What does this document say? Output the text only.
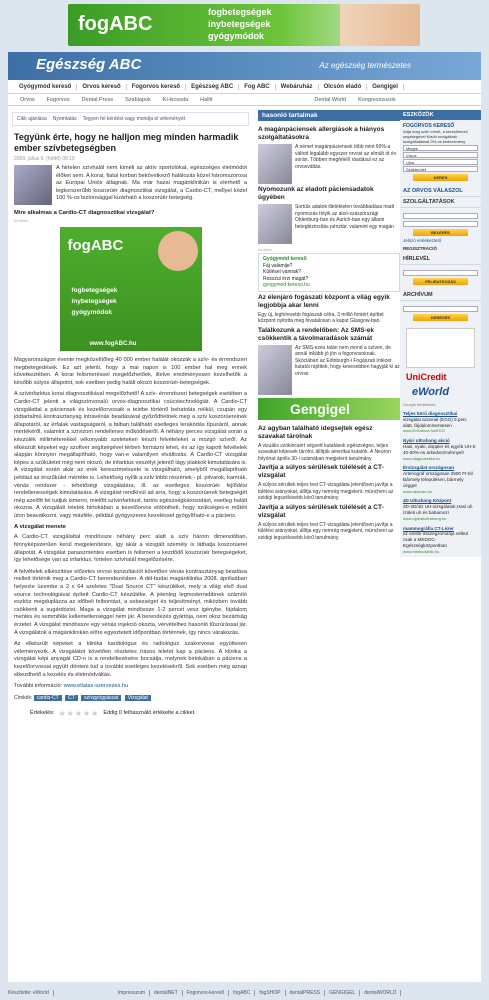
fogABC
fogbetegségek
ínybetegségek
gyógymódok
Egészség ABC	Az egészség természetes
Gyógymód kereső	Orvos kereső	Fogorvos kereső	Egészség ABC	Fog ABC	Webáruház	Olcsón eladó	Gengigel
Orvos	Fogorvos	Dental Press	Szablapok	Ki-kicsoda	Hallit	Dental World	Kongresszusok
Cikk ajánlása Nyomtatás Tegyen fel kérdést vagy mondja el véleményét
Tegyünk érte, hogy ne halljon meg minden harmadik ember szívbetegségben
2009. július 6. (hétfő) 09:19
A hirtelen szívhalál nem kíméli az aktív sportolókat, egészséges életmódot élőket sem. A korai, fiatal korban bekövetkező halálozás közel háromszorosa az Európai Uniós átlagnak. Ma már hazai magánklinikán is elérhető a legkorszerűbb koszorúér diagnosztikai vizsgálat, a Cardio-CT, mellyel közel 100 %-os biztonsággal kizárható a koszorúér betegség.
Mire alkalmas a Cardio-CT diagnosztikai vizsgálat?
hirdetés
fogABC
fogbetegségek
ínybetegségek
gyógymódok
www.fogABC.hu
Magyarországon évente megközelítőleg 40 000 ember halálát okozzák a szív- és érrendszeri megbetegedések. Ez azt jelenti, hogy a mai napon is 100 ember hal meg ennek következtében. A korai felismeréssel megelőzhetőek, illetve eredményesen kezelhetők a később súlyos állapotot, sok esetben pedig halált okozó koszorúér-betegségek.
A szívinfarktus korai diagnosztikával megelőzhető! A szív- érrendszeri betegségek esetében a Cardio-CT jelenti a világszínvonalú orvos-diagnosztikai csúcstechnológiát. A Cardio-CT vizsgálattal a páciensek és kezelőorvosaik a testbe történő behatolás nélkül, csupán egy jódtartalmú kontrasztanyag intravénás beadásával győződhetnek meg a szív koszorúereinek állapotáról, az érfalak vastagságáról, a falban található esetleges lerakódás típusáról, annak mértékéről, valamint a szívizom rendellenes működéséről. A néhány perces vizsgálat során a készülék milliméterekkel vékonyabb szeleteken készít felvételeket a mozgó szívről. Az elkészült képeket egy szoftver segítségével térben formázni lehet, és az így kapott felvételek alapján könnyen megállapítható, hogy van-e valamilyen elváltozás. A Cardio-CT vizsgálat képes a szűkületet még nem okozó, de infarktus veszélyt jelentő lágy plakkok kimutatására is. A vizsgálat során akár az erek keresztmetszete is vizsgálható, amelyből megállapítható például az érszűkület mértéke is. Lehetőség nyílik a szív többi részének - pl. pitvarok, kamrák, vénás rendszer - tehetőségi vizsgálatára, ill. az esetleges koszorúér fejlődési rendellenességek kimutatására. A vizsgálat rendkívül ad arra, hogy a koszorúerek betegségét még azelőtt fel tudjuk ismerni, mielőtt szívinfarktust, tartós egészségkárosodást, esetleg halált okozna. A vizsgálati leletek birtokában a kezelőorvos eldöntheti, hogy szükséges-e műtéti úton beavatkozni, vagy másféle, például gyógyszeres kezeléssel gyógyítható-e a páciens.
A vizsgálat menete
A Cardio-CT vizsgálattal mindössze néhány perc alatt a szív három dimenzióban, fénnyképszerűen kerül megjelenítésre, így akár a vizsgált személy is láthatja koszorúerei állapotát. A vizsgálat panaszmentes esetben is felismeri a kezdődő koszorúér betegségeket, így lehetősége van az infarktus, hirtelen szívhalál megelőzésére.
A felvételek elkészítése előzetes orvosi konzultációt követően vénás kontrasztanyag beadása mellett történik meg a Cardio-CT berendezésben. A dél-budai magánklinika 2008. áprilisában helyezte üzembe a 2 x 64 szeletes "Dual Source CT" készüléket, mely a világ első dual source technológiával épített Cardio-CT készüléke. A jelenleg legmodernebbnek számító eszköz megduplázza az időbeli felbontást, a sebességet és teljesítményt, miközben tovább csökkenti a sugárdózist. Maga a vizsgálat mindössze 1-2 percet vesz igénybe, fájdalom mentes és semmiféle kellemetlenséggel nem jár. A berendezés gyártója, nem okoz bezártság érzetet. A vizsgálat mindössze egy vénás injekció okozta, vérvételhez hasonló tűszúrással jár. A vizsgálatok a magánklinikán előre egyeztetett időpontban történnek, így nincs várakozás.
Az elkészült képeket a klinika kardiológus és radiológus szakorvosai együttesen véleményezik. A vizsgálatot követően részletes írásos leletet kap a páciens. A klinika a vizsgálat képi anyagát CD-n is a rendelkezésére bocsátja, melynek birtokában a páciens a kezelőorvossal együtt dönteni tud a további esetleges kezelésekről. Sok esetben még aznap elkezdhető a kezelés és életmódváltás.
További információ: www.ellatas-szervezes.hu
Címkék: cardio-CT CT szívgyógyászat Vizsgálat
Értékelés: ★★★★★ Eddig 0 felhasználó értékelte a cikket.
hasonló tartalmak
A magánpáciensek allergiások a hiányos szolgáltatásokra
A német magánpáciensek több mint 60%-a váltott legalább egyszer orvost az elmúlt öt év során. Többen megfelelő ráadásul ez az orvosváltás.
Nyomozunk az eladott páciensadatok ügyében
Sortúls adatok illetéktelen továbbadása miatt nyomozás folyik az alsó-szászországi Oldenburg-ban és Aurich-ban egy állami betegbiztosítás pénztár, valamint egy magán
hirdetés
Gyógymód kereső
Fáj valamije?
Kütlései vannak?
Rosszul érzi magát?
gyogymod-kereso.hu
Az élenjáró fogászati központ a világ egyik legjobbja akar lenni
Egy új, leghíresebb fogászati célra, 3 millió fontért építtet központ nyitotta meg hivatalosan a kaput Glasgow-ban.
Találkozunk a rendelőben: Az SMS-ek csökkentik a távolmaradások számát
Az SMS-ezés talán nem mond a szíven, de annál inkább jó jön a fogorvosoknak. Skóciában az Edinburgh-i Fogászati Intézet kutatói rájöttek, hogy kevesebben hagyják ki az orvosi
Gengigel
Az agyban található idegsejtek egész szavakat tárolnak
A vizuális szókincsért végzett kutatások egészséges, teljes szavakat képesek tárolni, állítják amerikai kutatók. A Neuron folyóirat április 30-i számában megjelent tanulmány
Javítja a súlyos sérülések túlélését a CT-vizsgálat
A súlyos sérültek teljes test CT-vizsgálata jelentősen javítja a túlélési arányokat, állítja egy nemrég megjelent, müncheni az ezidigi legszélesebb körű tanulmány.
Javítja a súlyos sérülések túlélését a CT-vizsgálat
A súlyos sérültek teljes test CT-vizsgálata jelentősen javítja a túlélési arányokat, állítja egy nemrég megjelent, müncheni az ezidigi legszélesebb körű tanulmány.
ESZKÖZÖK
FOGORVOS KERESŐ
Adja meg szűri címét, a keresőmező segítségével Kiadó szolgáltató szolgáltatással 0%-os kedvezmény
Megye
Város
Utca
Szakterület
KERES
AZ ORVOS VÁLASZOL
SZOLGÁLTATÁSOK
BELÉPÉS
Jelszó emlékeztető
REGISZTRÁCIÓ
HÍRLEVÉL
FELIRATKOZÁS
ARCHÍVUM
KERESÉS
UniCredit
eWorld
Google hirdetések
Teljes körű diagnosztikai
vizsgálat azonnal (EGG) 5 perc alatt, fájdalommentesen
www.DrKatona.hu/EGG
Nyári ultrahang akció
Hasi, nyaki, doppler és egyéb UH-k: 40-50%-os árkedvezménnyel!
www.diagnosztika.hu
Érvizsgálat országosan
Arteriográf országosan 2900 Ft-tól Bármely településen, bármely céggel
www.aktovas.hu
4D Ultrahang Központ
2D-3D/4D UH-vizsgálatok,Hasi uh ízületi uh és babamozi
www.ujpestiultrahang.hu
mammográfia CT-Lézer
az emlők összegzománja nélkül csak a MEDOC-Egészségközpontban
www.medocklinik.hu
Készítette: eWorld	Impresszum	dentalNET	Fogorvos-kereső	fogABC	fogSHOP	dentalPRESS	GENGIGEL	dentalWORLD
